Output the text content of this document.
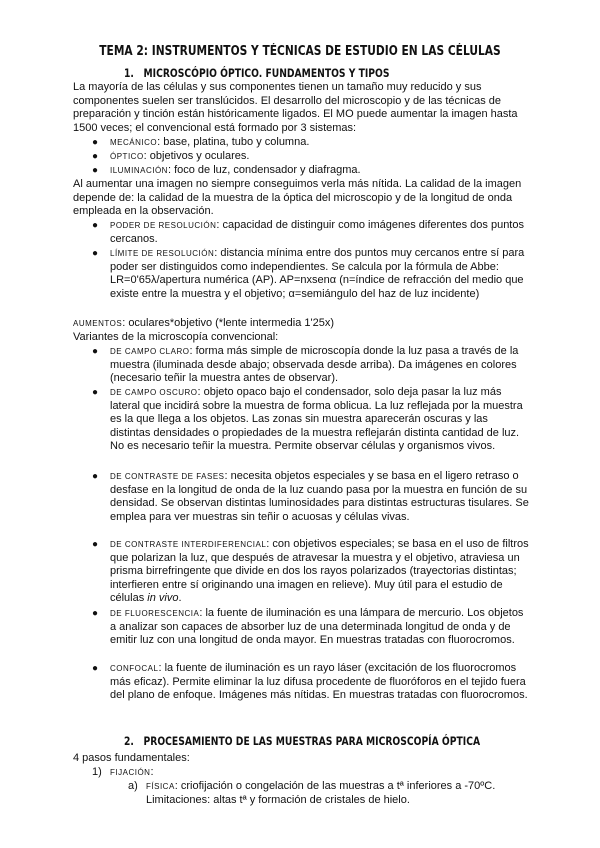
TEMA 2: INSTRUMENTOS Y TÉCNICAS DE ESTUDIO EN LAS CÉLULAS
1. MICROSCÓPIO ÓPTICO. FUNDAMENTOS Y TIPOS

La mayoría de las células y sus componentes tienen un tamaño muy reducido y sus componentes suelen ser translúcidos. El desarrollo del microscopio y de las técnicas de preparación y tinción están históricamente ligados. El MO puede aumentar la imagen hasta 1500 veces; el convencional está formado por 3 sistemas:

● MECÁNICO: base, platina, tubo y columna.

● ÓPTICO: objetivos y oculares.

● ILUMINACIÓN: foco de luz, condensador y diafragma.

Al aumentar una imagen no siempre conseguimos verla más nítida. La calidad de la imagen depende de: la calidad de la muestra de la óptica del microscopio y de la longitud de onda empleada en la observación.

● PODER DE RESOLUCIÓN: capacidad de distinguir como imágenes diferentes dos puntos cercanos.

● LÍMITE DE RESOLUCIÓN: distancia mínima entre dos puntos muy cercanos entre sí para poder ser distinguidos como independientes. Se calcula por la fórmula de Abbe: LR=0'65λ/apertura numérica (AP). AP=nxsenα (n=índice de refracción del medio que existe entre la muestra y el objetivo; α=semiángulo del haz de luz incidente)

AUMENTOS: oculares*objetivo (*lente intermedia 1'25x)

Variantes de la microscopía convencional:

● DE CAMPO CLARO: forma más simple de microscopía donde la luz pasa a través de la muestra (iluminada desde abajo; observada desde arriba). Da imágenes en colores (necesario teñir la muestra antes de observar).

● DE CAMPO OSCURO: objeto opaco bajo el condensador, solo deja pasar la luz más lateral que incidirá sobre la muestra de forma oblicua. La luz reflejada por la muestra es la que llega a los objetos. Las zonas sin muestra aparecerán oscuras y las distintas densidades o propiedades de la muestra reflejarán distinta cantidad de luz. No es necesario teñir la muestra. Permite observar células y organismos vivos.

● DE CONTRASTE DE FASES: necesita objetos especiales y se basa en el ligero retraso o desfase en la longitud de onda de la luz cuando pasa por la muestra en función de su densidad. Se observan distintas luminosidades para distintas estructuras tisulares. Se emplea para ver muestras sin teñir o acuosas y células vivas.

● DE CONTRASTE INTERDIFERENCIAL: con objetivos especiales; se basa en el uso de filtros que polarizan la luz, que después de atravesar la muestra y el objetivo, atraviesa un prisma birrefringente que divide en dos los rayos polarizados (trayectorias distintas; interfieren entre sí originando una imagen en relieve). Muy útil para el estudio de células in vivo.

● DE FLUORESCENCIA: la fuente de iluminación es una lámpara de mercurio. Los objetos a analizar son capaces de absorber luz de una determinada longitud de onda y de emitir luz con una longitud de onda mayor. En muestras tratadas con fluorocromos.

● CONFOCAL: la fuente de iluminación es un rayo láser (excitación de los fluorocromos más eficaz). Permite eliminar la luz difusa procedente de fluoróforos en el tejido fuera del plano de enfoque. Imágenes más nítidas. En muestras tratadas con fluorocromos.

2. PROCESAMIENTO DE LAS MUESTRAS PARA MICROSCOPÍA ÓPTICA

4 pasos fundamentales:

1) FIJACIÓN:

a) FÍSICA: criofijación o congelación de las muestras a tª inferiores a -70ºC. Limitaciones: altas tª y formación de cristales de hielo.
